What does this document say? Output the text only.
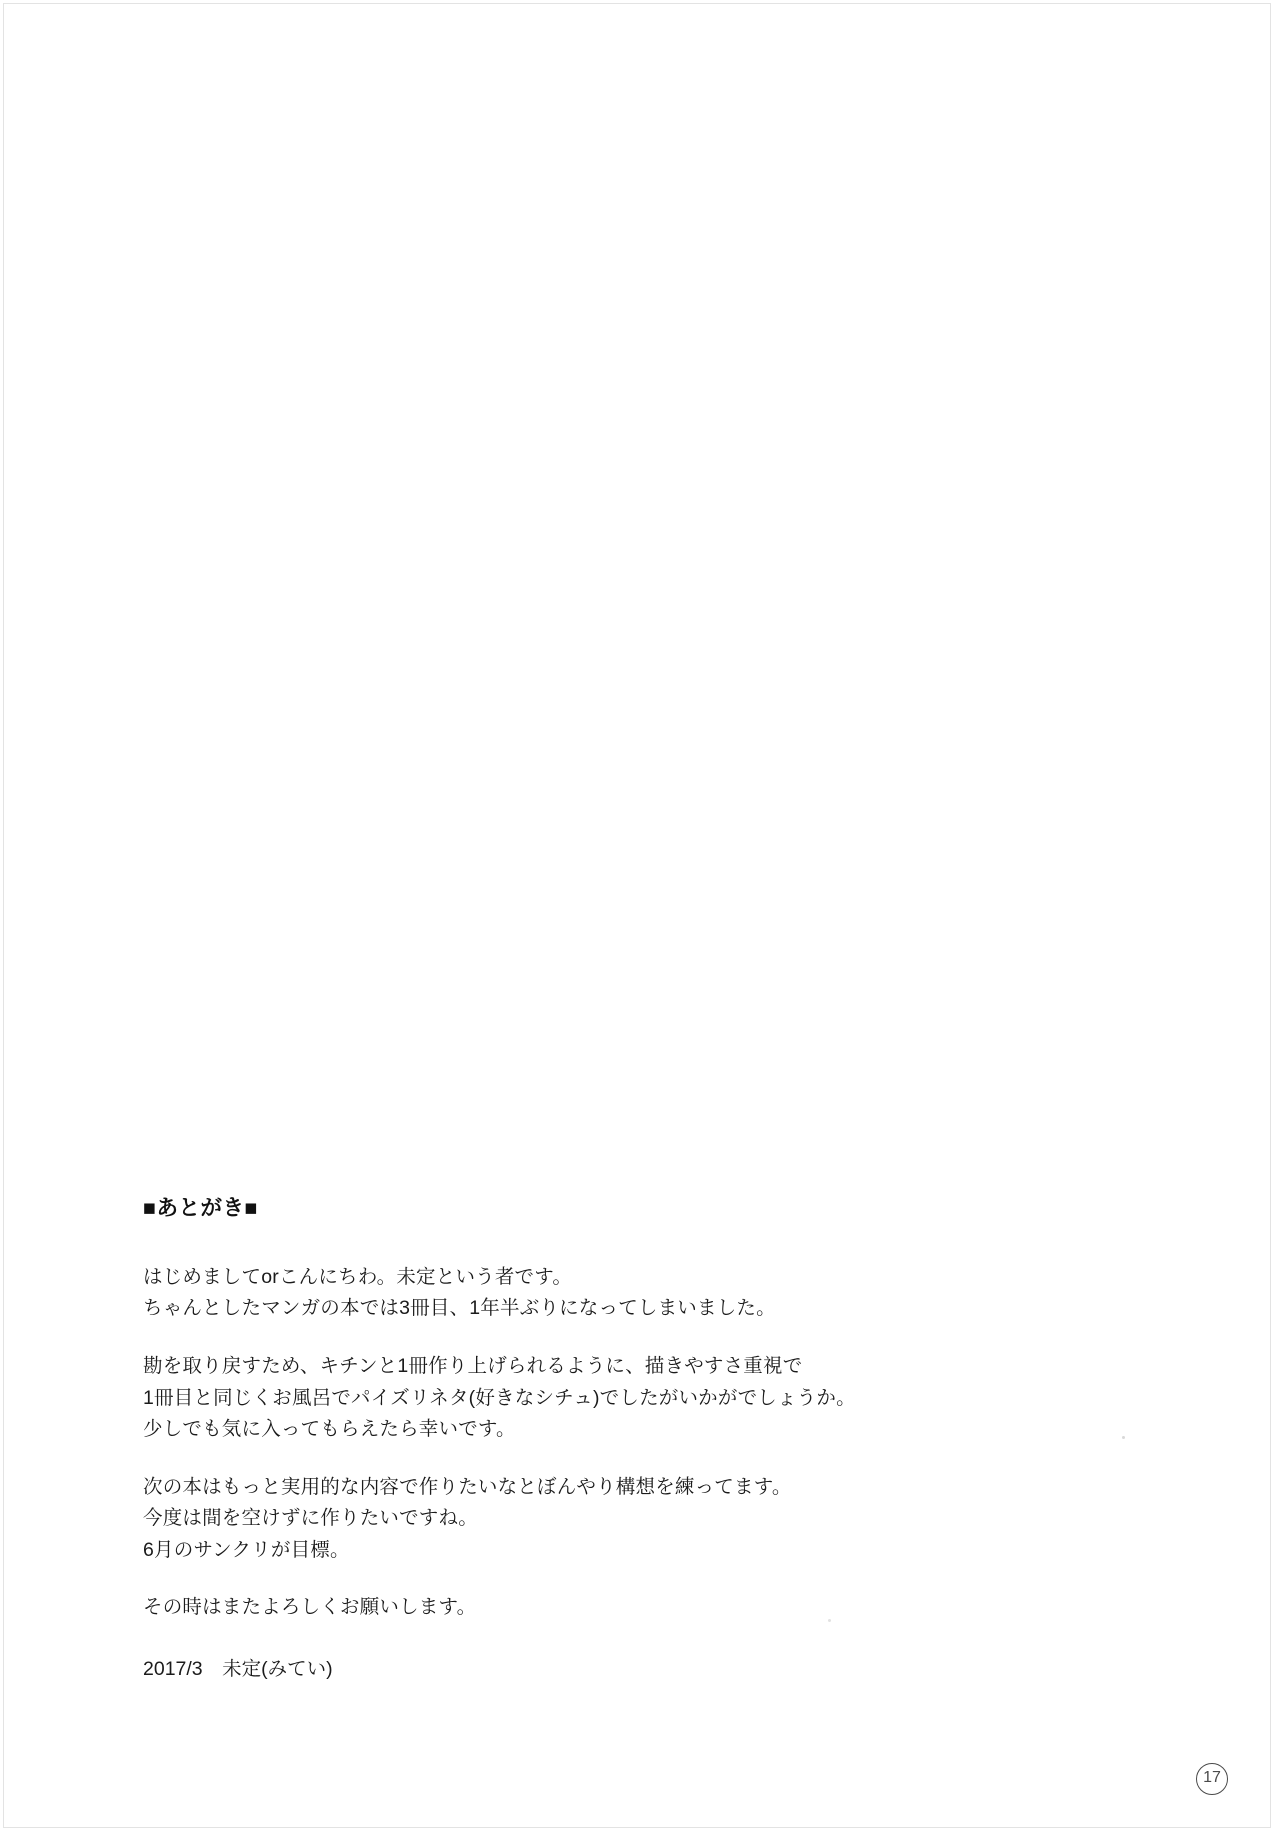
■あとがき■

はじめましてorこんにちわ。未定という者です。
ちゃんとしたマンガの本では3冊目、1年半ぶりになってしまいました。

勘を取り戻すため、キチンと1冊作り上げられるように、描きやすさ重視で
1冊目と同じくお風呂でパイズリネタ(好きなシチュ)でしたがいかがでしょうか。
少しでも気に入ってもらえたら幸いです。

次の本はもっと実用的な内容で作りたいなとぼんやり構想を練ってます。
今度は間を空けずに作りたいですね。
6月のサンクリが目標。

その時はまたよろしくお願いします。

2017/3　未定(みてい)
17
